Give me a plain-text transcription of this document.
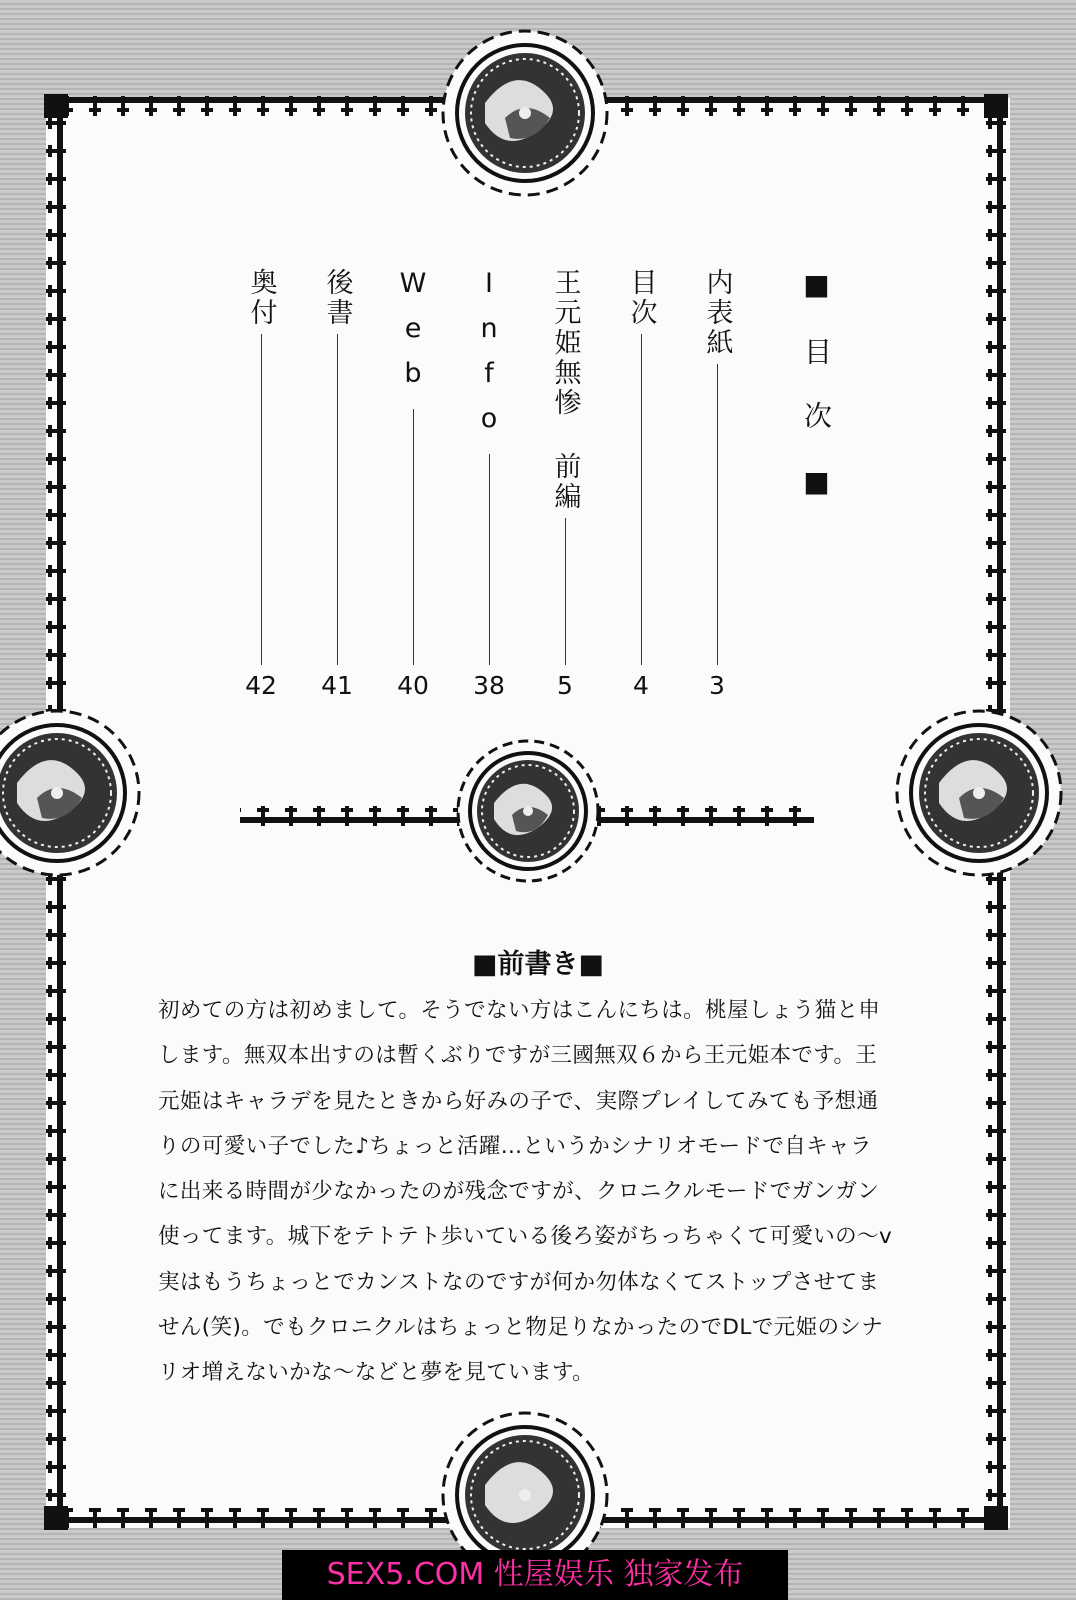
■目次■
内表紙
3
目次
4
王元姫無惨 前編
5
Info
38
Web
40
後書
41
奥付
42
■前書き■
初めての方は初めまして。そうでない方はこんにちは。桃屋しょう猫と申
します。無双本出すのは暫くぶりですが三國無双６から王元姫本です。王
元姫はキャラデを見たときから好みの子で、実際プレイしてみても予想通
りの可愛い子でした♪ちょっと活躍…というかシナリオモードで自キャラ
に出来る時間が少なかったのが残念ですが、クロニクルモードでガンガン
使ってます。城下をテトテト歩いている後ろ姿がちっちゃくて可愛いの～v
実はもうちょっとでカンストなのですが何か勿体なくてストップさせてま
せん(笑)。でもクロニクルはちょっと物足りなかったのでDLで元姫のシナ
リオ増えないかな～などと夢を見ています。
SEX5.COM 性屋娱乐 独家发布
